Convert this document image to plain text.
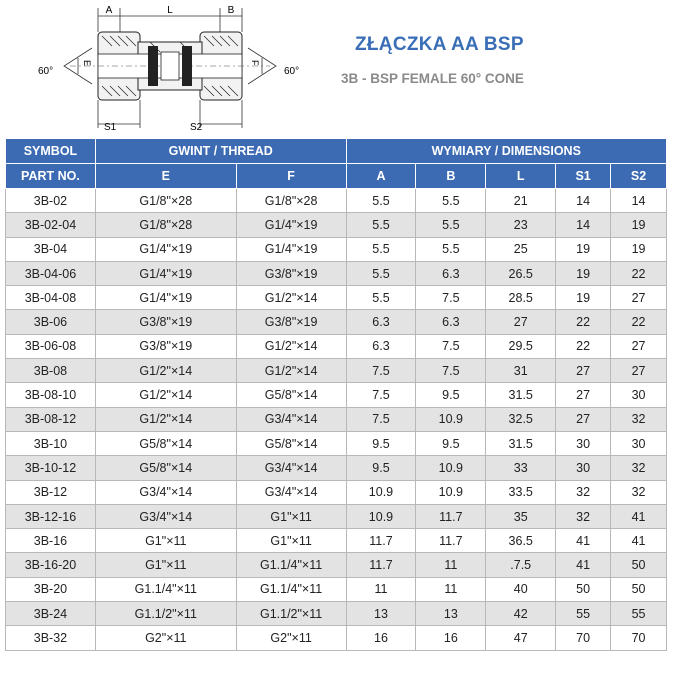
A	L	B
60°
E
60°
F
S1	S2
ZŁĄCZKA AA BSP
3B - BSP FEMALE 60° CONE
SYMBOL	GWINT / THREAD		WYMIARY / DIMENSIONS				
PART NO.	E	F	A	B	L	S1	S2
3B-02	G1/8"×28	G1/8"×28	5.5	5.5	21	14	14
3B-02-04	G1/8"×28	G1/4"×19	5.5	5.5	23	14	19
3B-04	G1/4"×19	G1/4"×19	5.5	5.5	25	19	19
3B-04-06	G1/4"×19	G3/8"×19	5.5	6.3	26.5	19	22
3B-04-08	G1/4"×19	G1/2"×14	5.5	7.5	28.5	19	27
3B-06	G3/8"×19	G3/8"×19	6.3	6.3	27	22	22
3B-06-08	G3/8"×19	G1/2"×14	6.3	7.5	29.5	22	27
3B-08	G1/2"×14	G1/2"×14	7.5	7.5	31	27	27
3B-08-10	G1/2"×14	G5/8"×14	7.5	9.5	31.5	27	30
3B-08-12	G1/2"×14	G3/4"×14	7.5	10.9	32.5	27	32
3B-10	G5/8"×14	G5/8"×14	9.5	9.5	31.5	30	30
3B-10-12	G5/8"×14	G3/4"×14	9.5	10.9	33	30	32
3B-12	G3/4"×14	G3/4"×14	10.9	10.9	33.5	32	32
3B-12-16	G3/4"×14	G1"×11	10.9	11.7	35	32	41
3B-16	G1"×11	G1"×11	11.7	11.7	36.5	41	41
3B-16-20	G1"×11	G1.1/4"×11	11.7	11	.7.5	41	50
3B-20	G1.1/4"×11	G1.1/4"×11	11	11	40	50	50
3B-24	G1.1/2"×11	G1.1/2"×11	13	13	42	55	55
3B-32	G2"×11	G2"×11	16	16	47	70	70
